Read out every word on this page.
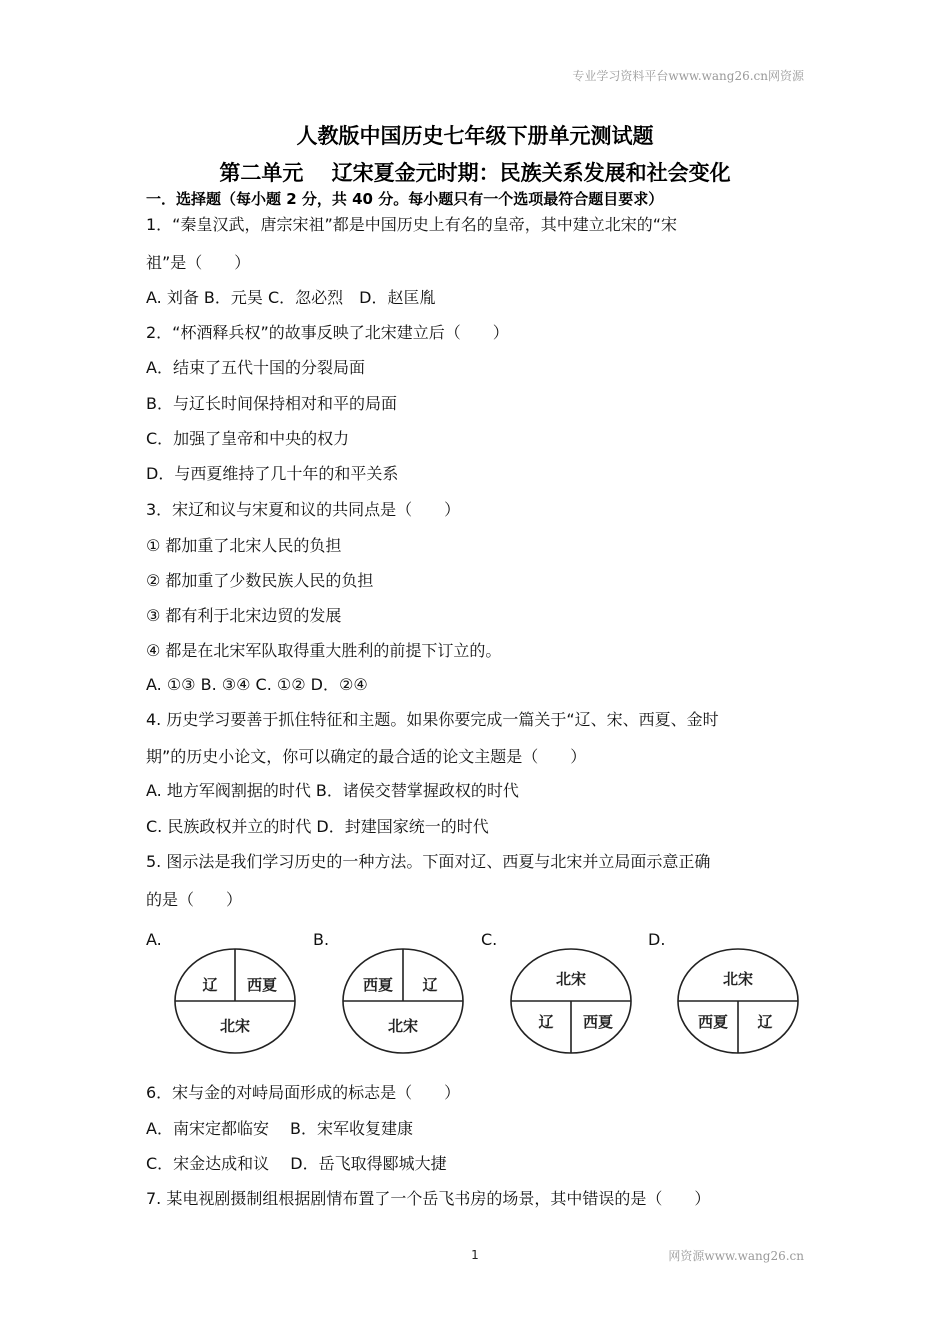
专业学习资料平台www.wang26.cn网资源
人教版中国历史七年级下册单元测试题
第二单元　 辽宋夏金元时期：民族关系发展和社会变化
一．选择题（每小题 2 分，共 40 分。每小题只有一个选项最符合题目要求）
1．“秦皇汉武，唐宗宋祖”都是中国历史上有名的皇帝，其中建立北宋的“宋
祖”是（　　）
A. 刘备 B．元昊 C．忽必烈　D．赵匡胤
2．“杯酒释兵权”的故事反映了北宋建立后（　　）
A．结束了五代十国的分裂局面
B．与辽长时间保持相对和平的局面
C．加强了皇帝和中央的权力
D．与西夏维持了几十年的和平关系
3．宋辽和议与宋夏和议的共同点是（　　）
① 都加重了北宋人民的负担
② 都加重了少数民族人民的负担
③ 都有利于北宋边贸的发展
④ 都是在北宋军队取得重大胜利的前提下订立的。
A. ①③ B. ③④ C. ①② D．②④
4. 历史学习要善于抓住特征和主题。如果你要完成一篇关于“辽、宋、西夏、金时
期”的历史小论文，你可以确定的最合适的论文主题是（　　）
A. 地方军阀割据的时代 B．诸侯交替掌握政权的时代
C. 民族政权并立的时代 D．封建国家统一的时代
5. 图示法是我们学习历史的一种方法。下面对辽、西夏与北宋并立局面示意正确
的是（　　）
A.
辽 西夏
北宋
B.
西夏 辽
北宋
C.
北宋
辽 西夏
D.
北宋
西夏 辽
6．宋与金的对峙局面形成的标志是（　　）
A．南宋定都临安　 B．宋军收复建康
C．宋金达成和议　 D．岳飞取得郾城大捷
7. 某电视剧摄制组根据剧情布置了一个岳飞书房的场景，其中错误的是（　　）
1	网资源www.wang26.cn
